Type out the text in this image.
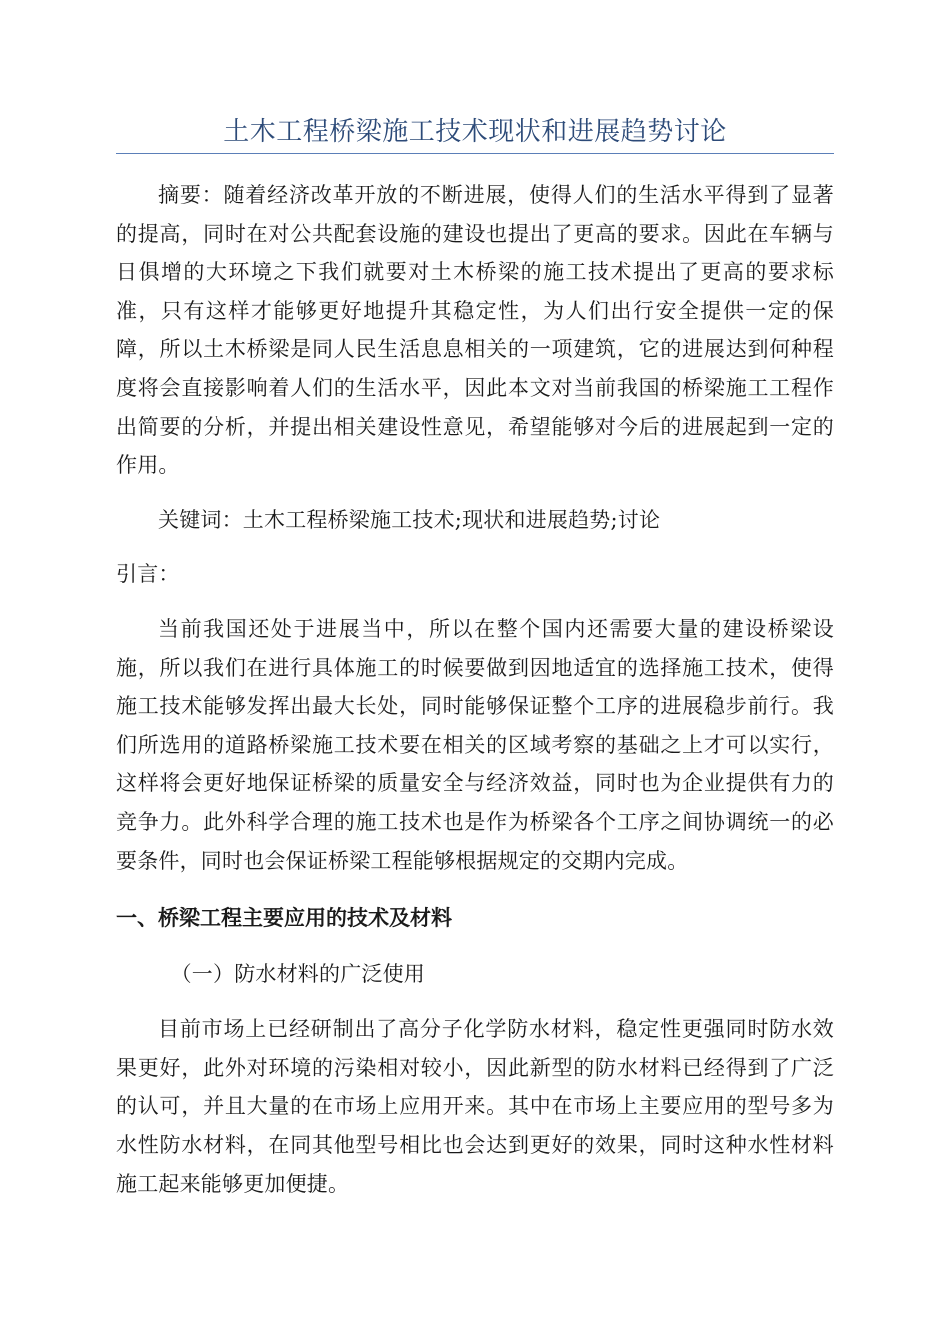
土木工程桥梁施工技术现状和进展趋势讨论

摘要：随着经济改革开放的不断进展，使得人们的生活水平得到了显著的提高，同时在对公共配套设施的建设也提出了更高的要求。因此在车辆与日俱增的大环境之下我们就要对土木桥梁的施工技术提出了更高的要求标准，只有这样才能够更好地提升其稳定性，为人们出行安全提供一定的保障，所以土木桥梁是同人民生活息息相关的一项建筑，它的进展达到何种程度将会直接影响着人们的生活水平，因此本文对当前我国的桥梁施工工程作出简要的分析，并提出相关建设性意见，希望能够对今后的进展起到一定的作用。

关键词：土木工程桥梁施工技术;现状和进展趋势;讨论

引言：

当前我国还处于进展当中，所以在整个国内还需要大量的建设桥梁设施，所以我们在进行具体施工的时候要做到因地适宜的选择施工技术，使得施工技术能够发挥出最大长处，同时能够保证整个工序的进展稳步前行。我们所选用的道路桥梁施工技术要在相关的区域考察的基础之上才可以实行，这样将会更好地保证桥梁的质量安全与经济效益，同时也为企业提供有力的竞争力。此外科学合理的施工技术也是作为桥梁各个工序之间协调统一的必要条件，同时也会保证桥梁工程能够根据规定的交期内完成。

一、桥梁工程主要应用的技术及材料

（一）防水材料的广泛使用

目前市场上已经研制出了高分子化学防水材料，稳定性更强同时防水效果更好，此外对环境的污染相对较小，因此新型的防水材料已经得到了广泛的认可，并且大量的在市场上应用开来。其中在市场上主要应用的型号多为水性防水材料，在同其他型号相比也会达到更好的效果，同时这种水性材料施工起来能够更加便捷。
